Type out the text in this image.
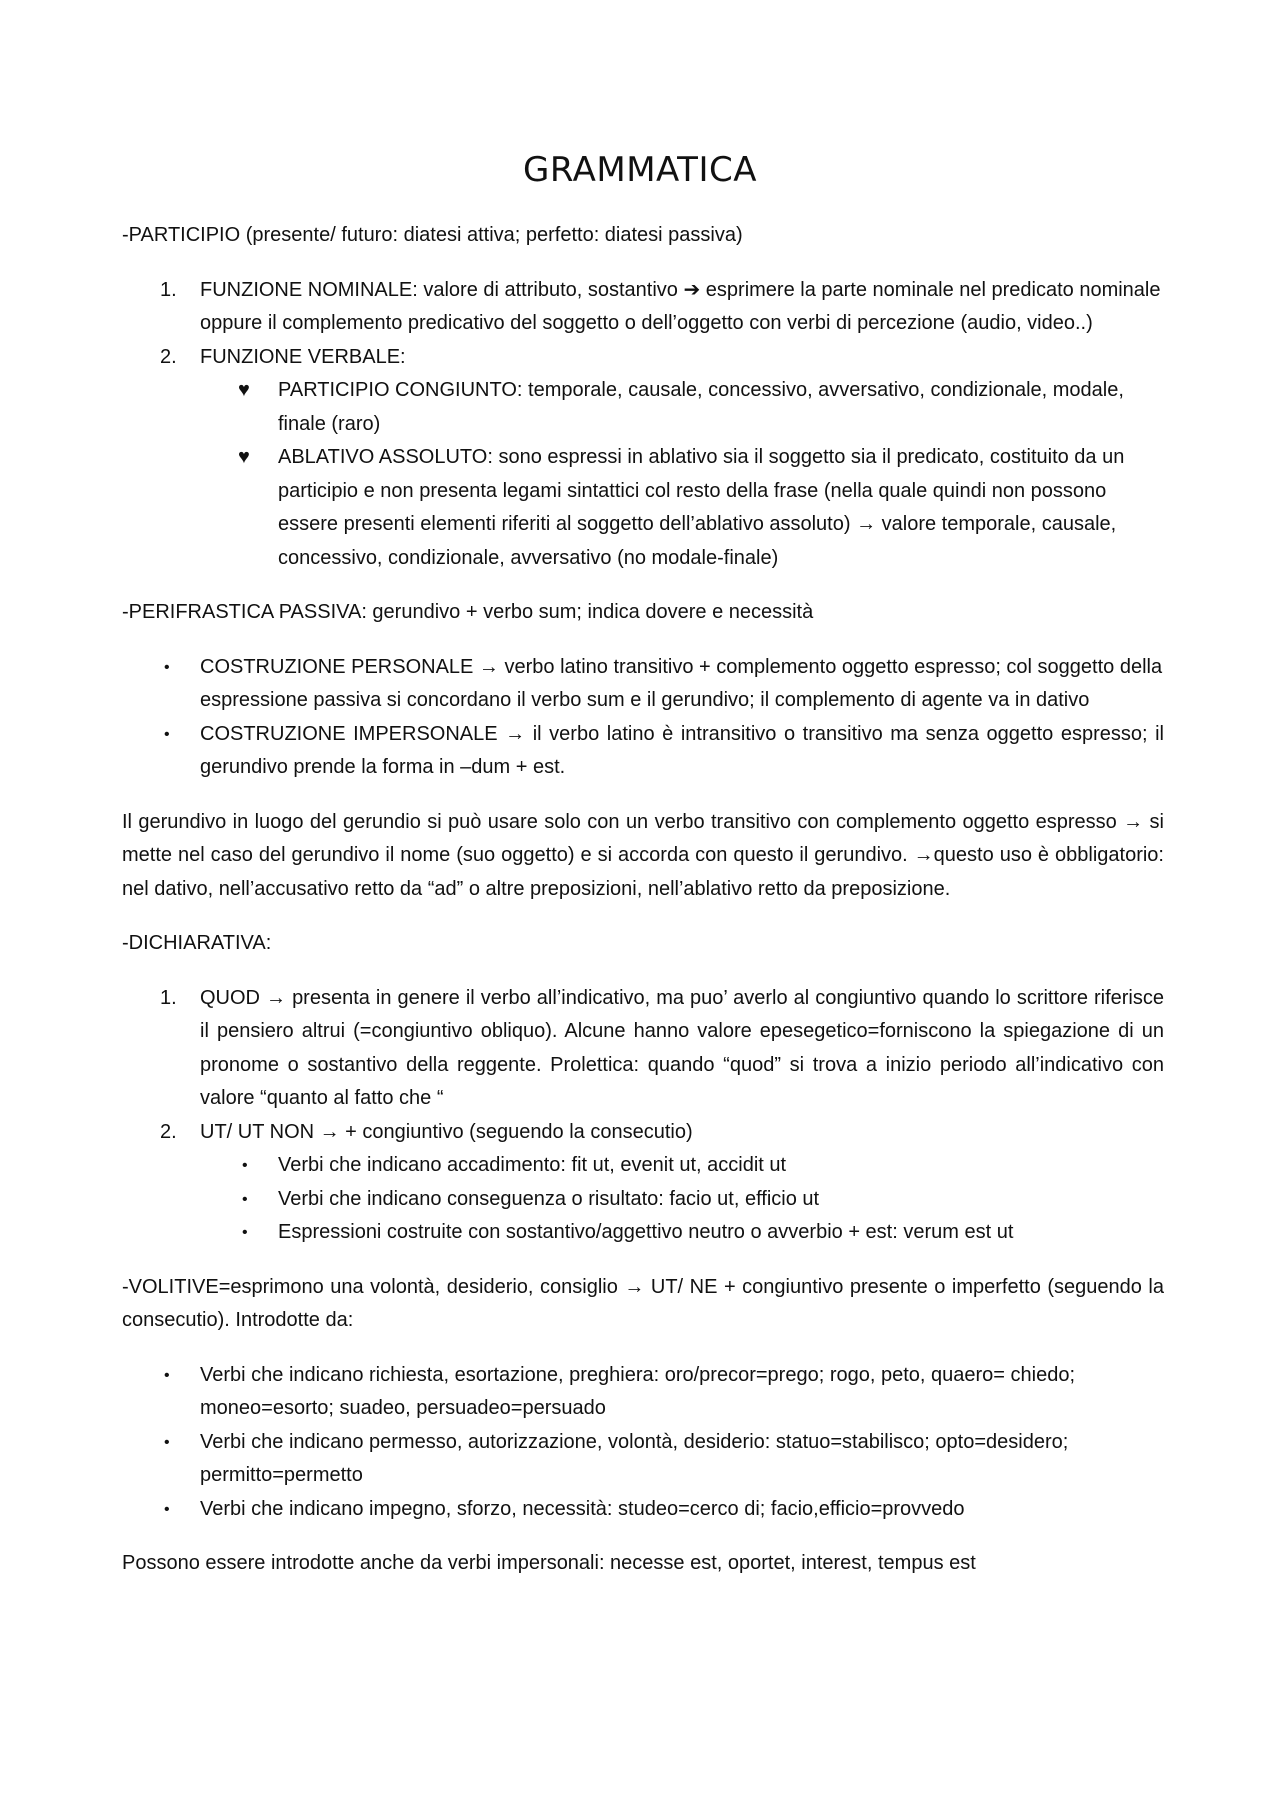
GRAMMATICA

-PARTICIPIO (presente/ futuro: diatesi attiva; perfetto: diatesi passiva)

1. FUNZIONE NOMINALE: valore di attributo, sostantivo ➔ esprimere la parte nominale nel predicato nominale oppure il complemento predicativo del soggetto o dell’oggetto con verbi di percezione (audio, video..)
2. FUNZIONE VERBALE:
♥ PARTICIPIO CONGIUNTO: temporale, causale, concessivo, avversativo, condizionale, modale, finale (raro)
♥ ABLATIVO ASSOLUTO: sono espressi in ablativo sia il soggetto sia il predicato, costituito da un participio e non presenta legami sintattici col resto della frase (nella quale quindi non possono essere presenti elementi riferiti al soggetto dell’ablativo assoluto) → valore temporale, causale, concessivo, condizionale, avversativo (no modale-finale)

-PERIFRASTICA PASSIVA: gerundivo + verbo sum; indica dovere e necessità

• COSTRUZIONE PERSONALE → verbo latino transitivo + complemento oggetto espresso; col soggetto della espressione passiva si concordano il verbo sum e il gerundivo; il complemento di agente va in dativo
• COSTRUZIONE IMPERSONALE → il verbo latino è intransitivo o transitivo ma senza oggetto espresso; il gerundivo prende la forma in –dum + est.

Il gerundivo in luogo del gerundio si può usare solo con un verbo transitivo con complemento oggetto espresso → si mette nel caso del gerundivo il nome (suo oggetto) e si accorda con questo il gerundivo. →questo uso è obbligatorio: nel dativo, nell’accusativo retto da “ad” o altre preposizioni, nell’ablativo retto da preposizione.

-DICHIARATIVA:

1. QUOD → presenta in genere il verbo all’indicativo, ma puo’ averlo al congiuntivo quando lo scrittore riferisce il pensiero altrui (=congiuntivo obliquo). Alcune hanno valore epesegetico=forniscono la spiegazione di un pronome o sostantivo della reggente. Prolettica: quando “quod” si trova a inizio periodo all’indicativo con valore “quanto al fatto che “
2. UT/ UT NON → + congiuntivo (seguendo la consecutio)
• Verbi che indicano accadimento: fit ut, evenit ut, accidit ut
• Verbi che indicano conseguenza o risultato: facio ut, efficio ut
• Espressioni costruite con sostantivo/aggettivo neutro o avverbio + est: verum est ut

-VOLITIVE=esprimono una volontà, desiderio, consiglio → UT/ NE + congiuntivo presente o imperfetto (seguendo la consecutio). Introdotte da:

• Verbi che indicano richiesta, esortazione, preghiera: oro/precor=prego; rogo, peto, quaero= chiedo; moneo=esorto; suadeo, persuadeo=persuado
• Verbi che indicano permesso, autorizzazione, volontà, desiderio: statuo=stabilisco; opto=desidero; permitto=permetto
• Verbi che indicano impegno, sforzo, necessità: studeo=cerco di; facio,efficio=provvedo

Possono essere introdotte anche da verbi impersonali: necesse est, oportet, interest, tempus est
